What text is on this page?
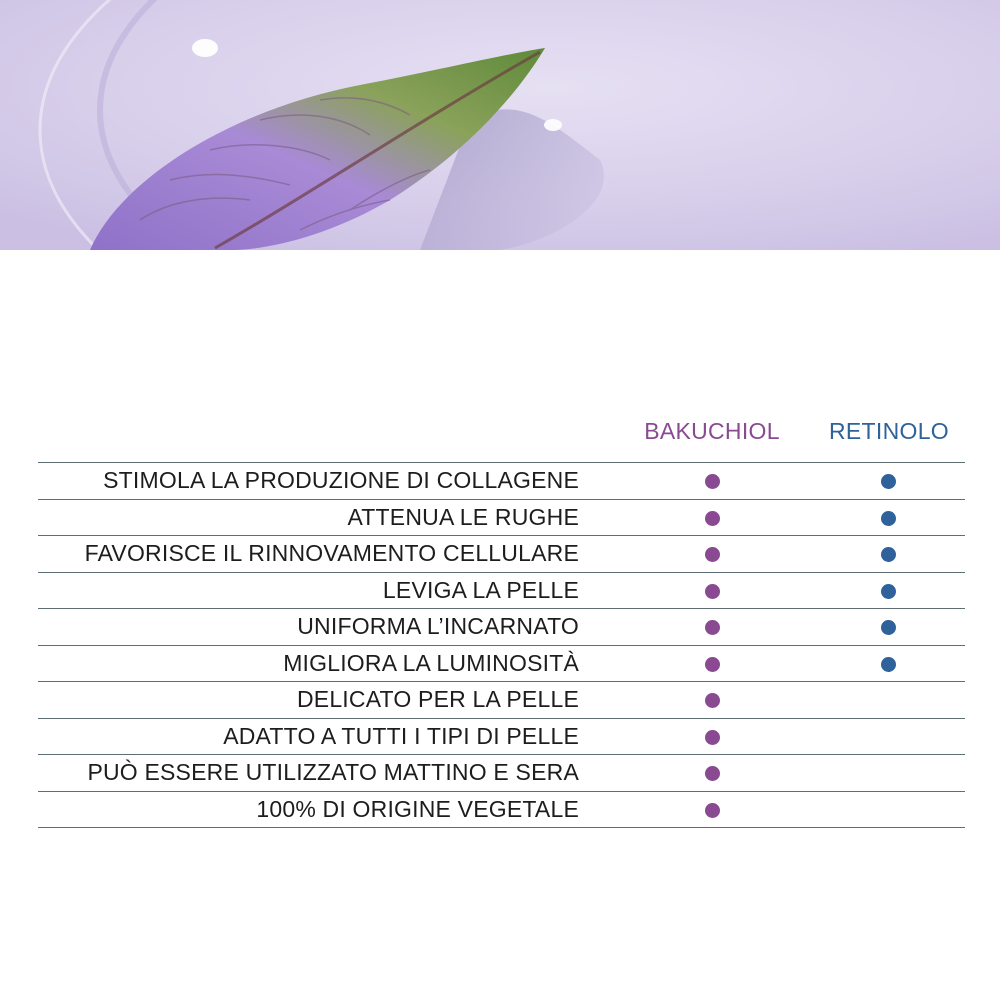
BAKUCHIOL	RETINOLO
STIMOLA LA PRODUZIONE DI COLLAGENE
ATTENUA LE RUGHE
FAVORISCE IL RINNOVAMENTO CELLULARE
LEVIGA LA PELLE
UNIFORMA L’INCARNATO
MIGLIORA LA LUMINOSITÀ
DELICATO PER LA PELLE
ADATTO A TUTTI I TIPI DI PELLE
PUÒ ESSERE UTILIZZATO MATTINO E SERA
100% DI ORIGINE VEGETALE
